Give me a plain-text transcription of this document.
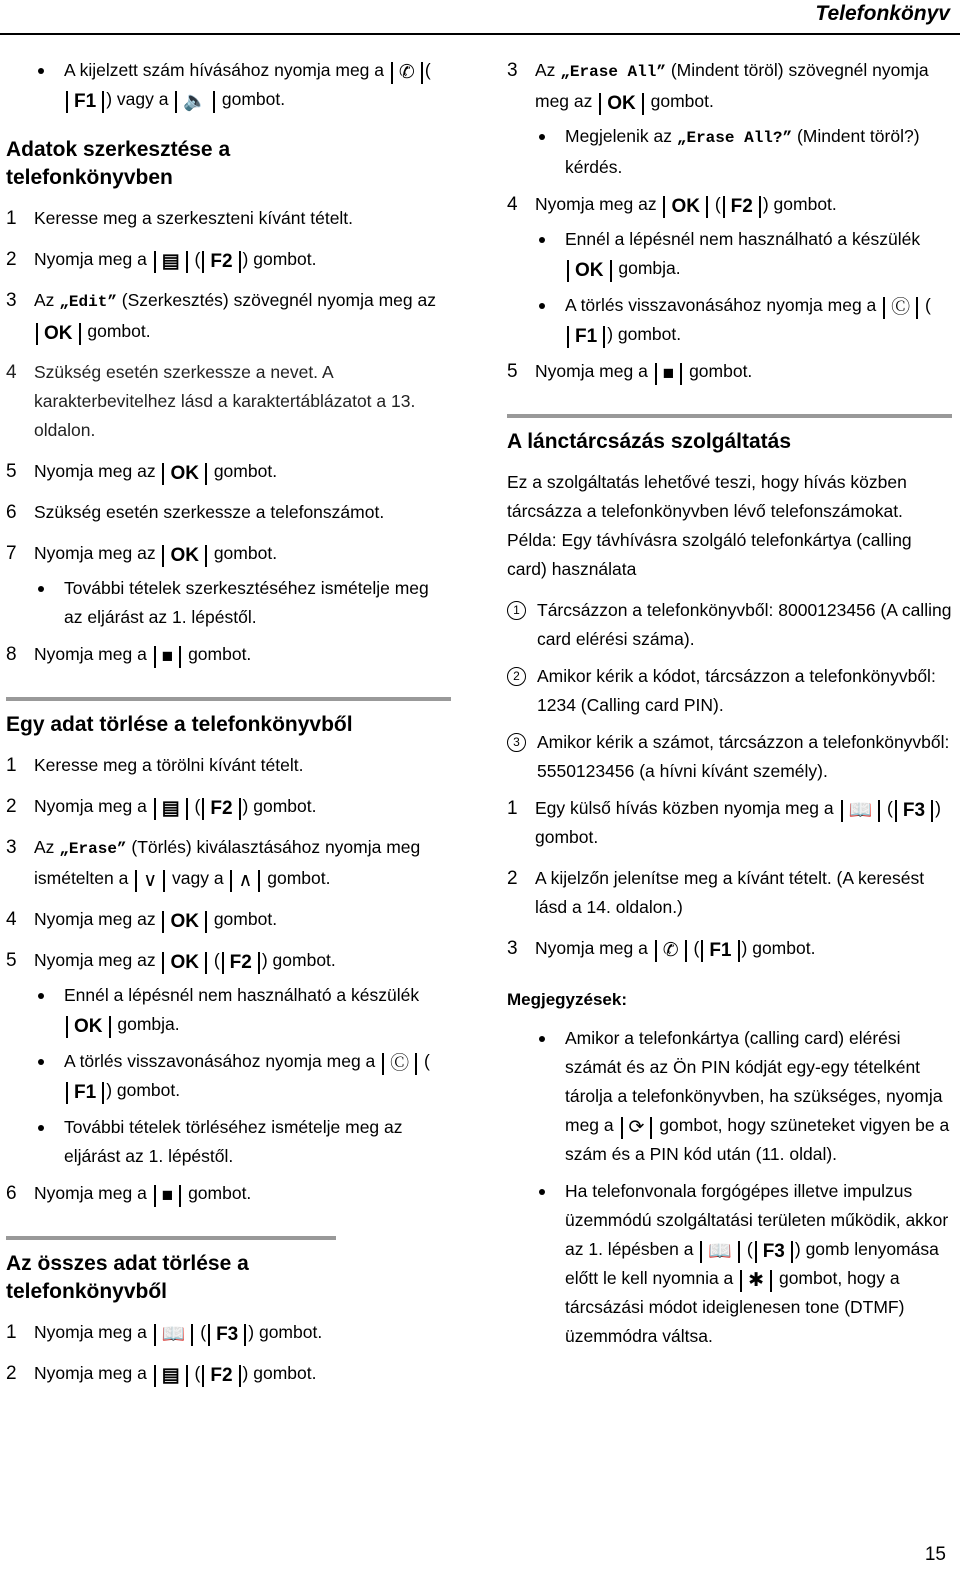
Telefonkönyv
A kijelzett szám hívásához nyomja meg a ✆ (F1 ) vagy a 🔈 gombot.
Adatok szerkesztése a telefonkönyvben
1 Keresse meg a szerkeszteni kívánt tételt.
2 Nyomja meg a ▤ ( F2 ) gombot.
3 Az „Edit” (Szerkesztés) szövegnél nyomja meg az OK gombot.
4 Szükség esetén szerkessze a nevet. A karakterbevitelhez lásd a karaktertáblázatot a 13. oldalon.
5 Nyomja meg az OK gombot.
6 Szükség esetén szerkessze a telefonszámot.
7 Nyomja meg az OK gombot.
További tételek szerkesztéséhez ismételje meg az eljárást az 1. lépéstől.
8 Nyomja meg a ■ gombot.
Egy adat törlése a telefonkönyvből
1 Keresse meg a törölni kívánt tételt.
2 Nyomja meg a ▤ ( F2 ) gombot.
3 Az „Erase” (Törlés) kiválasztásához nyomja meg ismételten a ∨ vagy a ∧ gombot.
4 Nyomja meg az OK gombot.
5 Nyomja meg az OK ( F2 ) gombot.
Ennél a lépésnél nem használható a készülék OK gombja.
A törlés visszavonásához nyomja meg a Ⓒ (F1 ) gombot.
További tételek törléséhez ismételje meg az eljárást az 1. lépéstől.
6 Nyomja meg a ■ gombot.
Az összes adat törlése a telefonkönyvből
1 Nyomja meg a 📖 ( F3 ) gombot.
2 Nyomja meg a ▤ ( F2 ) gombot.
3 Az „Erase All” (Mindent töröl) szövegnél nyomja meg az OK gombot.
Megjelenik az „Erase All?” (Mindent töröl?) kérdés.
4 Nyomja meg az OK ( F2 ) gombot.
Ennél a lépésnél nem használható a készülék OK gombja.
A törlés visszavonásához nyomja meg a Ⓒ (F1 ) gombot.
5 Nyomja meg a ■ gombot.
A lánctárcsázás szolgáltatás
Ez a szolgáltatás lehetővé teszi, hogy hívás közben tárcsázza a telefonkönyvben lévő telefonszámokat. Példa: Egy távhívásra szolgáló telefonkártya (calling card) használata
1 Tárcsázzon a telefonkönyvből: 8000123456 (A calling card elérési száma).
2 Amikor kérik a kódot, tárcsázzon a telefonkönyvből:
1234 (Calling card PIN).
3 Amikor kérik a számot, tárcsázzon a telefonkönyvből:
5550123456 (a hívni kívánt személy).
1 Egy külső hívás közben nyomja meg a 📖 ( F3 ) gombot.
2 A kijelzőn jelenítse meg a kívánt tételt. (A keresést lásd a 14. oldalon.)
3 Nyomja meg a ✆ ( F1 ) gombot.
Megjegyzések:
Amikor a telefonkártya (calling card) elérési számát és az Ön PIN kódját egy-egy tételként tárolja a telefonkönyvben, ha szükséges, nyomja meg a ⟳ gombot, hogy szüneteket vigyen be a szám és a PIN kód után (11. oldal).
Ha telefonvonala forgógépes illetve impulzus üzemmódú szolgáltatási területen működik, akkor az 1. lépésben a 📖 ( F3 ) gomb lenyomása előtt le kell nyomnia a ✱ gombot, hogy a tárcsázási módot ideiglenesen tone (DTMF) üzemmódra váltsa.
15
